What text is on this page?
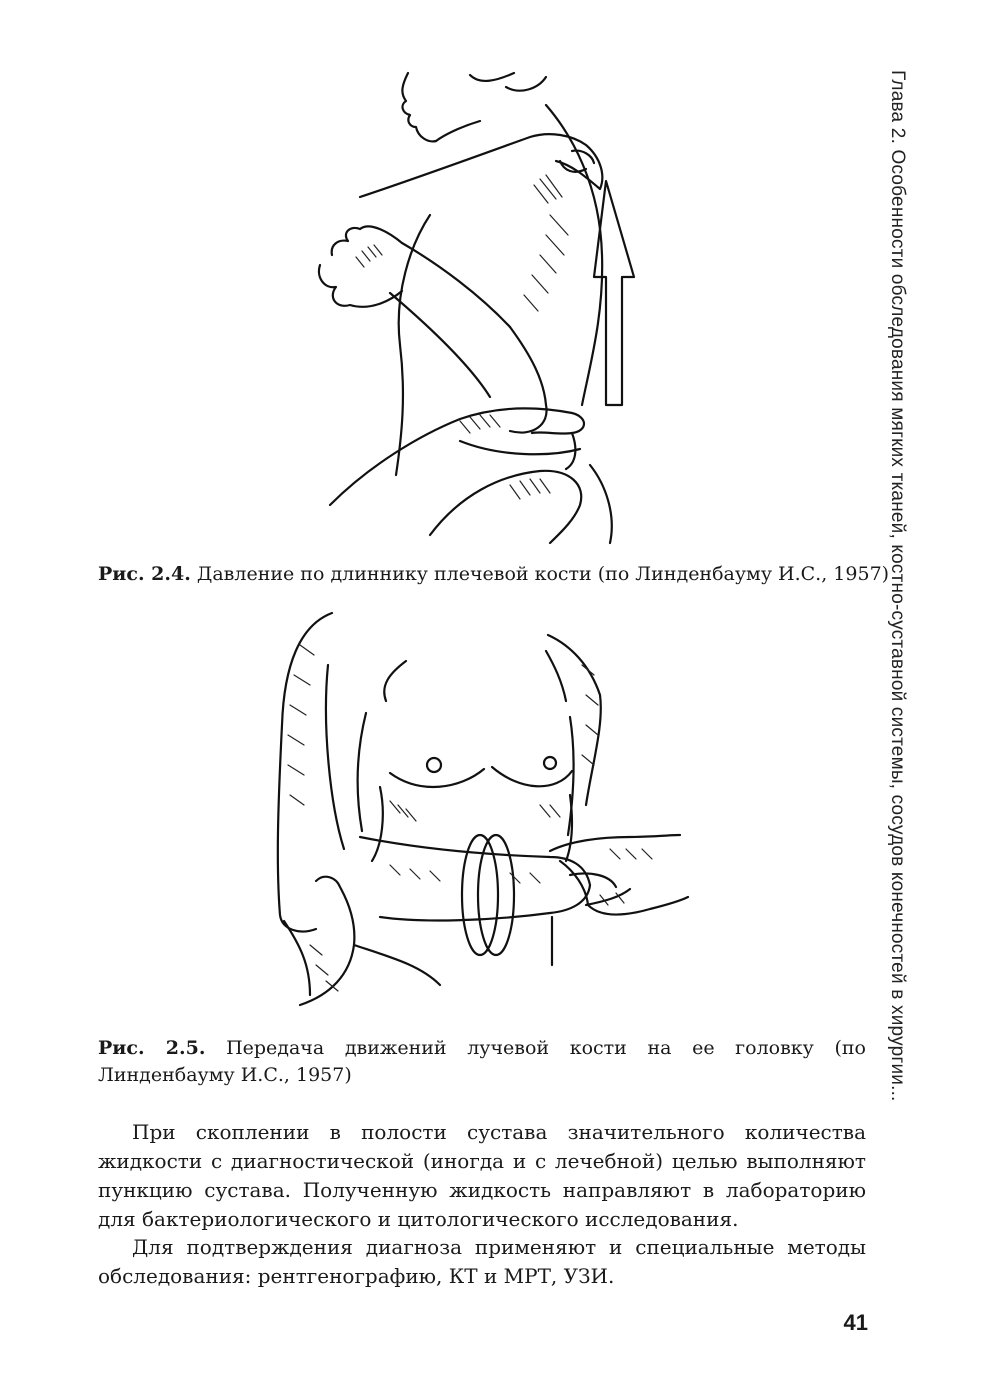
Глава 2. Особенности обследования мягких тканей, костно-суставной системы, сосудов конечностей в хирургии...
Рис. 2.4. Давление по длиннику плечевой кости (по Линденбауму И.С., 1957)
Рис. 2.5. Передача движений лучевой кости на ее головку (по Линденбауму И.С., 1957)

При скоплении в полости сустава значительного количества жидкости с диагностической (иногда и с лечебной) целью выполняют пункцию сустава. Полученную жидкость направляют в лабораторию для бактериологического и цитологического исследования.

Для подтверждения диагноза применяют и специальные методы обследования: рентгенографию, КТ и МРТ, УЗИ.

41
